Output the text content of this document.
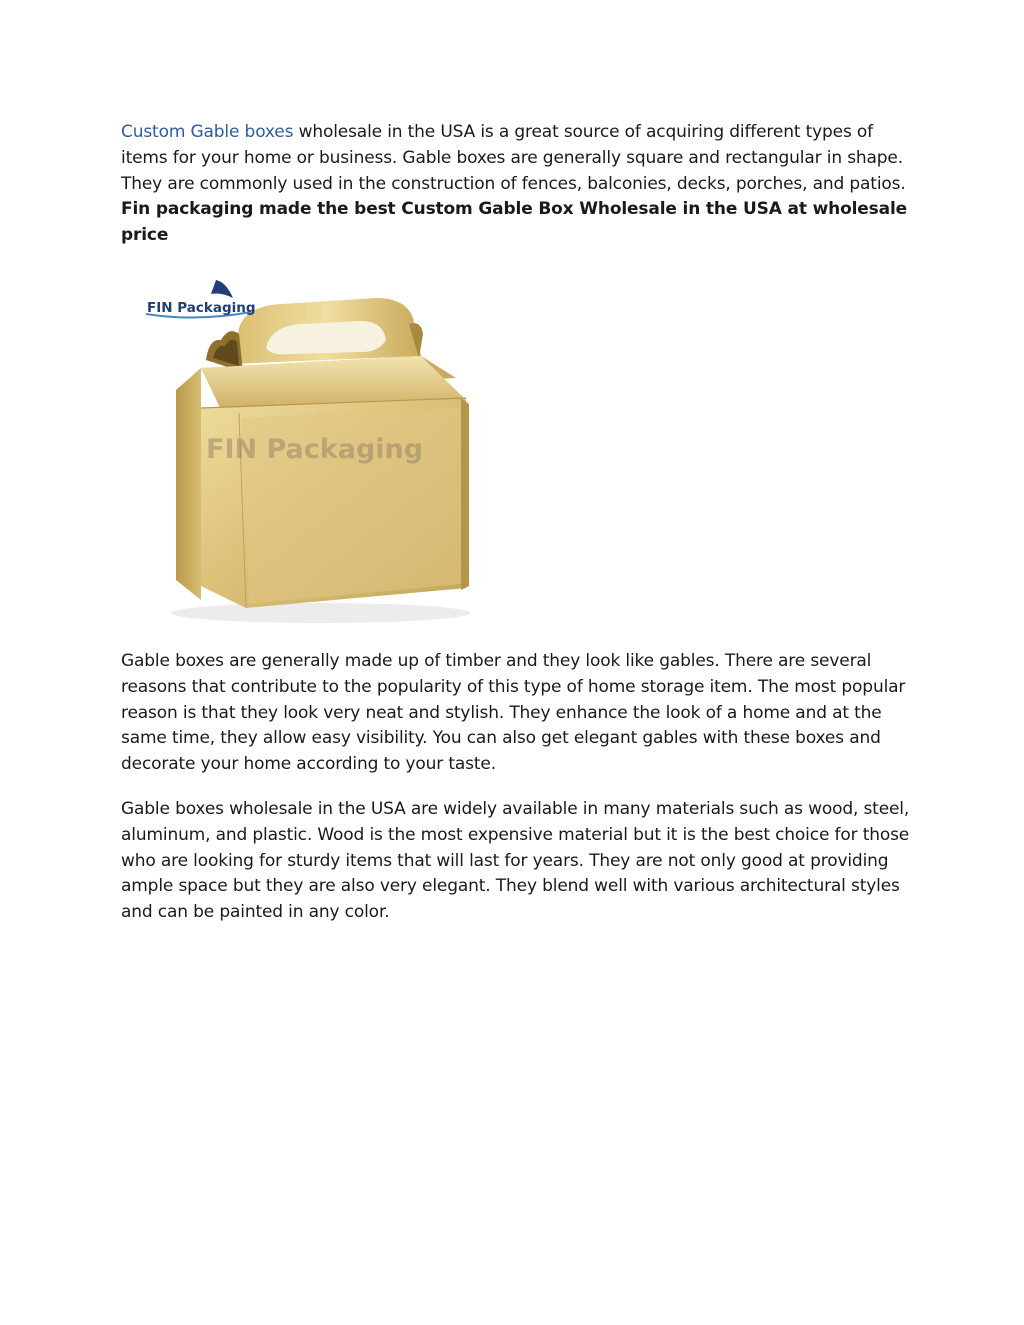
Custom Gable boxes wholesale in the USA is a great source of acquiring different types of items for your home or business. Gable boxes are generally square and rectangular in shape. They are commonly used in the construction of fences, balconies, decks, porches, and patios. Fin packaging made the best Custom Gable Box Wholesale in the USA at wholesale price

FIN Packaging
FIN Packaging

Gable boxes are generally made up of timber and they look like gables. There are several reasons that contribute to the popularity of this type of home storage item. The most popular reason is that they look very neat and stylish. They enhance the look of a home and at the same time, they allow easy visibility. You can also get elegant gables with these boxes and decorate your home according to your taste.

Gable boxes wholesale in the USA are widely available in many materials such as wood, steel, aluminum, and plastic. Wood is the most expensive material but it is the best choice for those who are looking for sturdy items that will last for years. They are not only good at providing ample space but they are also very elegant. They blend well with various architectural styles and can be painted in any color.
